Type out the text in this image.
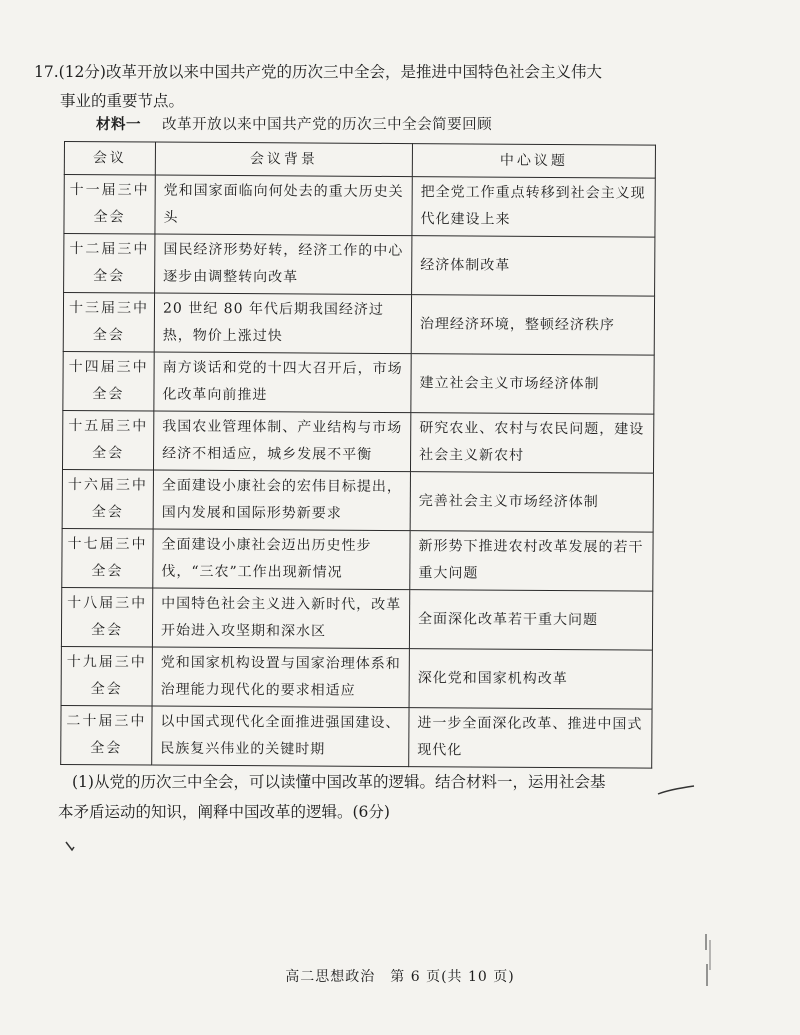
17.(12分)改革开放以来中国共产党的历次三中全会，是推进中国特色社会主义伟大
事业的重要节点。
材料一 改革开放以来中国共产党的历次三中全会简要回顾
会议	会议背景	中心议题
十一届三中全会	党和国家面临向何处去的重大历史关头	把全党工作重点转移到社会主义现代化建设上来
十二届三中全会	国民经济形势好转，经济工作的中心逐步由调整转向改革	经济体制改革
十三届三中全会	20 世纪 80 年代后期我国经济过热，物价上涨过快	治理经济环境，整顿经济秩序
十四届三中全会	南方谈话和党的十四大召开后，市场化改革向前推进	建立社会主义市场经济体制
十五届三中全会	我国农业管理体制、产业结构与市场经济不相适应，城乡发展不平衡	研究农业、农村与农民问题，建设社会主义新农村
十六届三中全会	全面建设小康社会的宏伟目标提出，国内发展和国际形势新要求	完善社会主义市场经济体制
十七届三中全会	全面建设小康社会迈出历史性步伐，“三农”工作出现新情况	新形势下推进农村改革发展的若干重大问题
十八届三中全会	中国特色社会主义进入新时代，改革开始进入攻坚期和深水区	全面深化改革若干重大问题
十九届三中全会	党和国家机构设置与国家治理体系和治理能力现代化的要求相适应	深化党和国家机构改革
二十届三中全会	以中国式现代化全面推进强国建设、民族复兴伟业的关键时期	进一步全面深化改革、推进中国式现代化
(1)从党的历次三中全会，可以读懂中国改革的逻辑。结合材料一，运用社会基
本矛盾运动的知识，阐释中国改革的逻辑。(6分)
高二思想政治　第 6 页(共 10 页)
